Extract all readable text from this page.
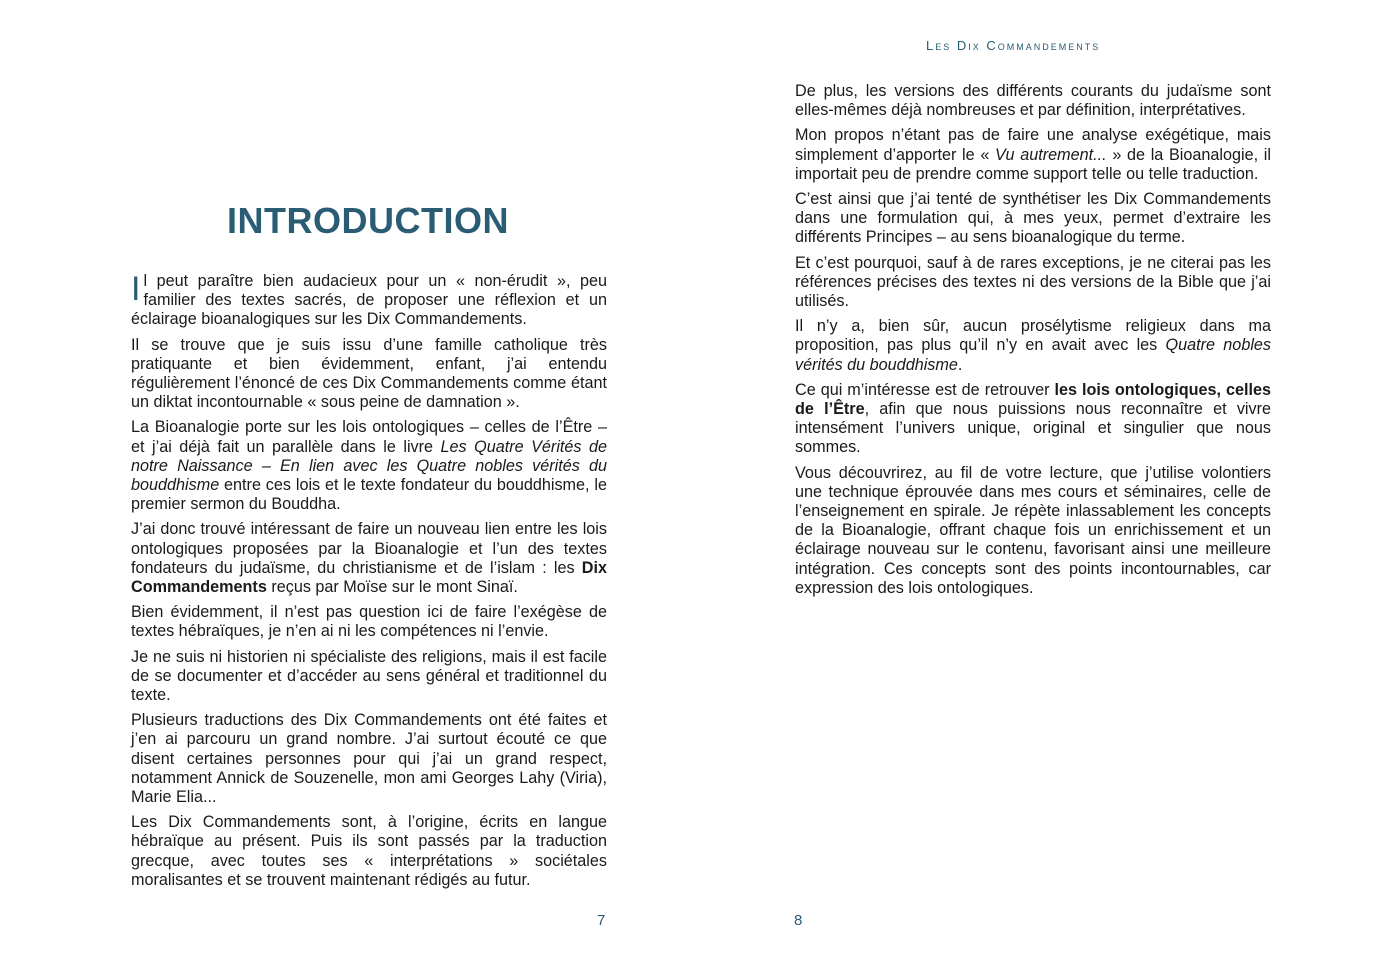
INTRODUCTION

Il peut paraître bien audacieux pour un « non-érudit », peu familier des textes sacrés, de proposer une réflexion et un éclairage bioanalogiques sur les Dix Commandements.

Il se trouve que je suis issu d’une famille catholique très pratiquante et bien évidemment, enfant, j’ai entendu régulièrement l’énoncé de ces Dix Commandements comme étant un diktat incontournable « sous peine de damnation ».

La Bioanalogie porte sur les lois ontologiques – celles de l’Être – et j’ai déjà fait un parallèle dans le livre Les Quatre Vérités de notre Naissance – En lien avec les Quatre nobles vérités du bouddhisme entre ces lois et le texte fondateur du bouddhisme, le premier sermon du Bouddha.

J’ai donc trouvé intéressant de faire un nouveau lien entre les lois ontologiques proposées par la Bioanalogie et l’un des textes fondateurs du judaïsme, du christianisme et de l’islam : les Dix Commandements reçus par Moïse sur le mont Sinaï.

Bien évidemment, il n’est pas question ici de faire l’exégèse de textes hébraïques, je n’en ai ni les compétences ni l’envie.

Je ne suis ni historien ni spécialiste des religions, mais il est facile de se documenter et d’accéder au sens général et traditionnel du texte.

Plusieurs traductions des Dix Commandements ont été faites et j’en ai parcouru un grand nombre. J’ai surtout écouté ce que disent certaines personnes pour qui j’ai un grand respect, notamment Annick de Souzenelle, mon ami Georges Lahy (Viria), Marie Elia...

Les Dix Commandements sont, à l’origine, écrits en langue hébraïque au présent. Puis ils sont passés par la traduction grecque, avec toutes ses « interprétations » sociétales moralisantes et se trouvent maintenant rédigés au futur.

7
Les Dix Commandements

De plus, les versions des différents courants du judaïsme sont elles-mêmes déjà nombreuses et par définition, interprétatives.

Mon propos n’étant pas de faire une analyse exégétique, mais simplement d’apporter le « Vu autrement... » de la Bioanalogie, il importait peu de prendre comme support telle ou telle traduction.

C’est ainsi que j’ai tenté de synthétiser les Dix Commandements dans une formulation qui, à mes yeux, permet d’extraire les différents Principes – au sens bioanalogique du terme.

Et c’est pourquoi, sauf à de rares exceptions, je ne citerai pas les références précises des textes ni des versions de la Bible que j’ai utilisés.

Il n’y a, bien sûr, aucun prosélytisme religieux dans ma proposition, pas plus qu’il n’y en avait avec les Quatre nobles vérités du bouddhisme.

Ce qui m’intéresse est de retrouver les lois ontologiques, celles de l’Être, afin que nous puissions nous reconnaître et vivre intensément l’univers unique, original et singulier que nous sommes.

Vous découvrirez, au fil de votre lecture, que j’utilise volontiers une technique éprouvée dans mes cours et séminaires, celle de l’enseignement en spirale. Je répète inlassablement les concepts de la Bioanalogie, offrant chaque fois un enrichissement et un éclairage nouveau sur le contenu, favorisant ainsi une meilleure intégration. Ces concepts sont des points incontournables, car expression des lois ontologiques.

8
